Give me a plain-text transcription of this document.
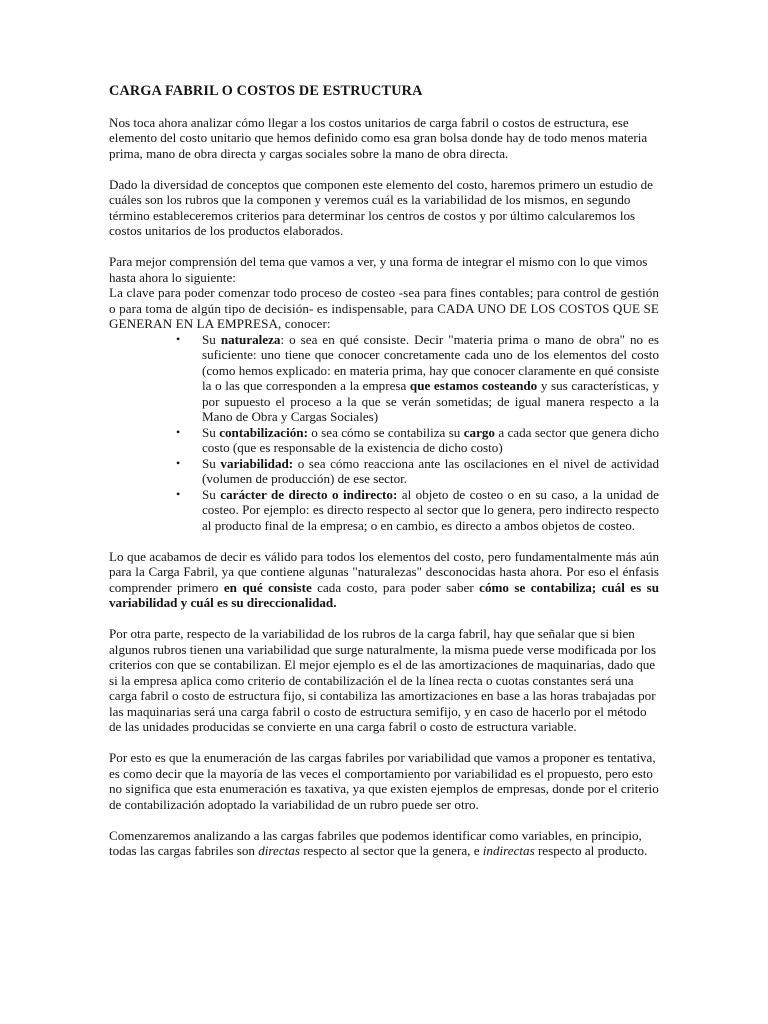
CARGA FABRIL O COSTOS DE ESTRUCTURA

Nos toca ahora analizar cómo llegar a los costos unitarios de carga fabril o costos de estructura, ese elemento del costo unitario que hemos definido como esa gran bolsa donde hay de todo menos materia prima, mano de obra directa y cargas sociales sobre la mano de obra directa.

Dado la diversidad de conceptos que componen este elemento del costo, haremos primero un estudio de cuáles son los rubros que la componen y veremos cuál es la variabilidad de los mismos, en segundo término estableceremos criterios para determinar los centros de costos y por último calcularemos los costos unitarios de los productos elaborados.

Para mejor comprensión del tema que vamos a ver, y una forma de integrar el mismo con lo que vimos hasta ahora lo siguiente:

La clave para poder comenzar todo proceso de costeo -sea para fines contables; para control de gestión o para toma de algún tipo de decisión- es indispensable, para CADA UNO DE LOS COSTOS QUE SE GENERAN EN LA EMPRESA, conocer:

• Su naturaleza: o sea en qué consiste. Decir "materia prima o mano de obra" no es suficiente: uno tiene que conocer concretamente cada uno de los elementos del costo (como hemos explicado: en materia prima, hay que conocer claramente en qué consiste la o las que corresponden a la empresa que estamos costeando y sus características, y por supuesto el proceso a la que se verán sometidas; de igual manera respecto a la Mano de Obra y Cargas Sociales)
• Su contabilización: o sea cómo se contabiliza su cargo a cada sector que genera dicho costo (que es responsable de la existencia de dicho costo)
• Su variabilidad: o sea cómo reacciona ante las oscilaciones en el nivel de actividad (volumen de producción) de ese sector.
• Su carácter de directo o indirecto: al objeto de costeo o en su caso, a la unidad de costeo. Por ejemplo: es directo respecto al sector que lo genera, pero indirecto respecto al producto final de la empresa; o en cambio, es directo a ambos objetos de costeo.

Lo que acabamos de decir es válido para todos los elementos del costo, pero fundamentalmente más aún para la Carga Fabril, ya que contiene algunas "naturalezas" desconocidas hasta ahora. Por eso el énfasis comprender primero en qué consiste cada costo, para poder saber cómo se contabiliza; cuál es su variabilidad y cuál es su direccionalidad.

Por otra parte, respecto de la variabilidad de los rubros de la carga fabril, hay que señalar que si bien algunos rubros tienen una variabilidad que surge naturalmente, la misma puede verse modificada por los criterios con que se contabilizan. El mejor ejemplo es el de las amortizaciones de maquinarias, dado que si la empresa aplica como criterio de contabilización el de la línea recta o cuotas constantes será una carga fabril o costo de estructura fijo, si contabiliza las amortizaciones en base a las horas trabajadas por las maquinarias será una carga fabril o costo de estructura semifijo, y en caso de hacerlo por el método de las unidades producidas se convierte en una carga fabril o costo de estructura variable.

Por esto es que la enumeración de las cargas fabriles por variabilidad que vamos a proponer es tentativa, es como decir que la mayoría de las veces el comportamiento por variabilidad es el propuesto, pero esto no significa que esta enumeración es taxativa, ya que existen ejemplos de empresas, donde por el criterio de contabilización adoptado la variabilidad de un rubro puede ser otro.

Comenzaremos analizando a las cargas fabriles que podemos identificar como variables, en principio, todas las cargas fabriles son directas respecto al sector que la genera, e indirectas respecto al producto.
